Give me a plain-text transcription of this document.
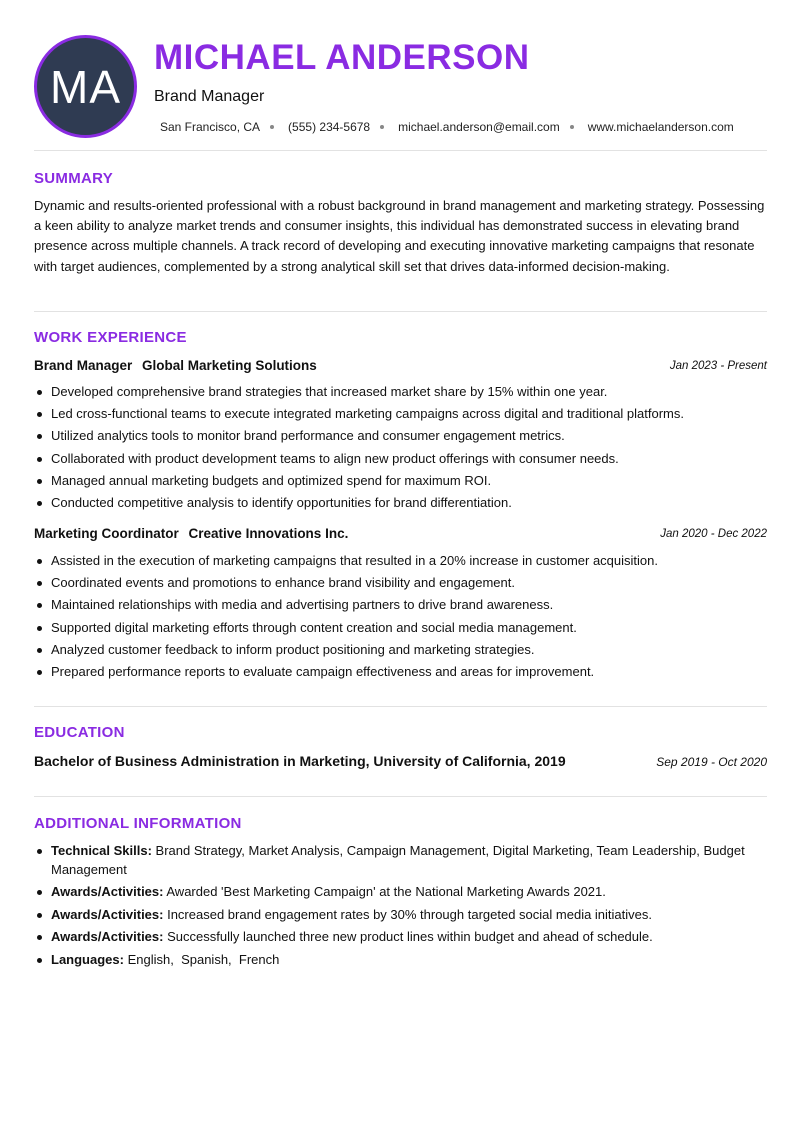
MA
MICHAEL ANDERSON
Brand Manager
San Francisco, CA (555) 234-5678 michael.anderson@email.com www.michaelanderson.com
SUMMARY
Dynamic and results-oriented professional with a robust background in brand management and marketing strategy. Possessing a keen ability to analyze market trends and consumer insights, this individual has demonstrated success in elevating brand presence across multiple channels. A track record of developing and executing innovative marketing campaigns that resonate with target audiences, complemented by a strong analytical skill set that drives data-informed decision-making.
WORK EXPERIENCE
Brand Manager Global Marketing Solutions	Jan 2023 - Present
Developed comprehensive brand strategies that increased market share by 15% within one year.
Led cross-functional teams to execute integrated marketing campaigns across digital and traditional platforms.
Utilized analytics tools to monitor brand performance and consumer engagement metrics.
Collaborated with product development teams to align new product offerings with consumer needs.
Managed annual marketing budgets and optimized spend for maximum ROI.
Conducted competitive analysis to identify opportunities for brand differentiation.
Marketing Coordinator Creative Innovations Inc.	Jan 2020 - Dec 2022
Assisted in the execution of marketing campaigns that resulted in a 20% increase in customer acquisition.
Coordinated events and promotions to enhance brand visibility and engagement.
Maintained relationships with media and advertising partners to drive brand awareness.
Supported digital marketing efforts through content creation and social media management.
Analyzed customer feedback to inform product positioning and marketing strategies.
Prepared performance reports to evaluate campaign effectiveness and areas for improvement.
EDUCATION
Bachelor of Business Administration in Marketing, University of California, 2019	Sep 2019 - Oct 2020
ADDITIONAL INFORMATION
Technical Skills: Brand Strategy, Market Analysis, Campaign Management, Digital Marketing, Team Leadership, Budget Management
Awards/Activities: Awarded 'Best Marketing Campaign' at the National Marketing Awards 2021.
Awards/Activities: Increased brand engagement rates by 30% through targeted social media initiatives.
Awards/Activities: Successfully launched three new product lines within budget and ahead of schedule.
Languages: English,  Spanish,  French
